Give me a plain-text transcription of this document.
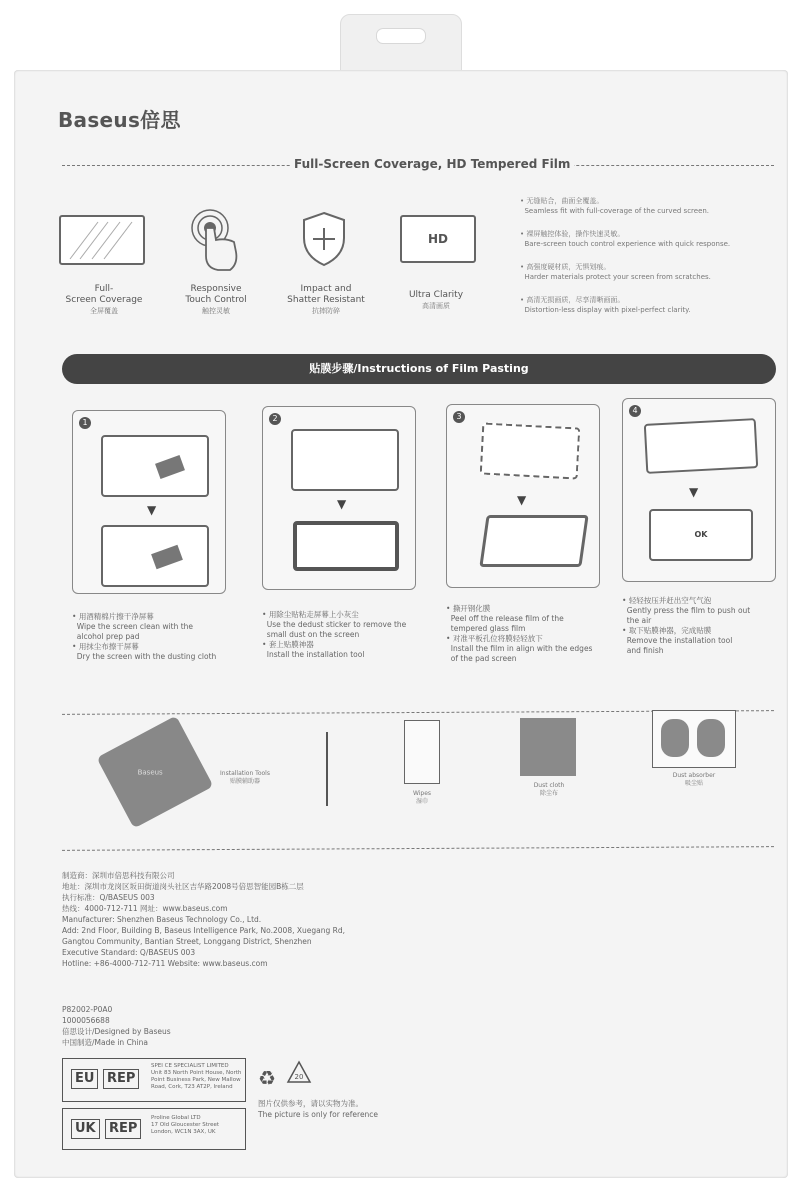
Baseus倍思
Full-Screen Coverage, HD Tempered Film
HD
Full-
Screen Coverage
全屏覆盖
Responsive
Touch Control
触控灵敏
Impact and
Shatter Resistant
抗摔防碎
Ultra Clarity
高清画质
• 无缝贴合，曲面全覆盖。
Seamless fit with full-coverage of the curved screen.
• 裸屏触控体验，操作快速灵敏。
Bare-screen touch control experience with quick response.
• 高强度硬材质，无惧划痕。
Harder materials protect your screen from scratches.
• 高清无损画质，尽享清晰画面。
Distortion-less display with pixel-perfect clarity.
贴膜步骤/Instructions of Film Pasting
1
▼
2
▼
3
▼
4
▼
OK
• 用酒精棉片擦干净屏幕
Wipe the screen clean with the
alcohol prep pad
• 用抹尘布擦干屏幕
Dry the screen with the dusting cloth
• 用除尘贴粘走屏幕上小灰尘
Use the dedust sticker to remove the
small dust on the screen
• 套上贴膜神器
Install the installation tool
• 撕开钢化膜
Peel off the release film of the
tempered glass film
• 对准平板孔位将膜轻轻放下
Install the film in align with the edges
of the pad screen
• 轻轻按压并赶出空气气泡
Gently press the film to push out
the air
• 取下贴膜神器，完成贴膜
Remove the installation tool
and finish
Baseus	Installation Tools
贴膜辅助器
Wipes
湿巾
Dust cloth
除尘布
Dust absorber
吸尘贴
制造商：深圳市倍思科技有限公司
地址：深圳市龙岗区坂田街道岗头社区吉华路2008号倍思智能园B栋二层
执行标准：Q/BASEUS 003
热线：4000-712-711 网址：www.baseus.com
Manufacturer: Shenzhen Baseus Technology Co., Ltd.
Add: 2nd Floor, Building B, Baseus Intelligence Park, No.2008, Xuegang Rd,
Gangtou Community, Bantian Street, Longgang District, Shenzhen
Executive Standard: Q/BASEUS 003
Hotline: +86-4000-712-711 Website: www.baseus.com
P82002-P0A0
1000056688
倍思设计/Designed by Baseus
中国制造/Made in China
EU REP
SPEI CE SPECIALIST LIMITED
Unit 83 North Point House, North
Point Business Park, New Mallow
Road, Cork, T23 AT2P, Ireland
UK	REP
Proline Global LTD
17 Old Gloucester Street
London, WC1N 3AX, UK
♻	20
图片仅供参考，请以实物为准。
The picture is only for reference
